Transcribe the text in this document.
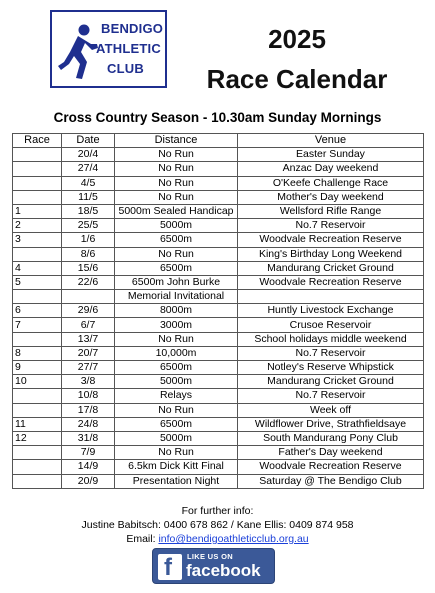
BENDIGO
ATHLETIC
CLUB
2025
Race Calendar
Cross Country Season - 10.30am Sunday Mornings
Race	Date	Distance	Venue
	20/4	No Run	Easter Sunday
	27/4	No Run	Anzac Day weekend
	4/5	No Run	O'Keefe Challenge Race
	11/5	No Run	Mother's Day weekend
1	18/5	5000m Sealed Handicap	Wellsford Rifle Range
2	25/5	5000m	No.7 Reservoir
3	1/6	6500m	Woodvale Recreation Reserve
	8/6	No Run	King's Birthday Long Weekend
4	15/6	6500m	Mandurang Cricket Ground
5	22/6	6500m John Burke	Woodvale Recreation Reserve
		Memorial Invitational	
6	29/6	8000m	Huntly Livestock Exchange
7	6/7	3000m	Crusoe Reservoir
	13/7	No Run	School holidays middle weekend
8	20/7	10,000m	No.7 Reservoir
9	27/7	6500m	Notley's Reserve Whipstick
10	3/8	5000m	Mandurang Cricket Ground
	10/8	Relays	No.7 Reservoir
	17/8	No Run	Week off
11	24/8	6500m	Wildflower Drive, Strathfieldsaye
12	31/8	5000m	South Mandurang Pony Club
	7/9	No Run	Father's Day weekend
	14/9	6.5km Dick Kitt Final	Woodvale Recreation Reserve
	20/9	Presentation Night	Saturday @ The Bendigo Club
For further info:
Justine Babitsch: 0400 678 862 / Kane Ellis: 0409 874 958
Email: info@bendigoathleticclub.org.au
f LIKE US ON
facebook
